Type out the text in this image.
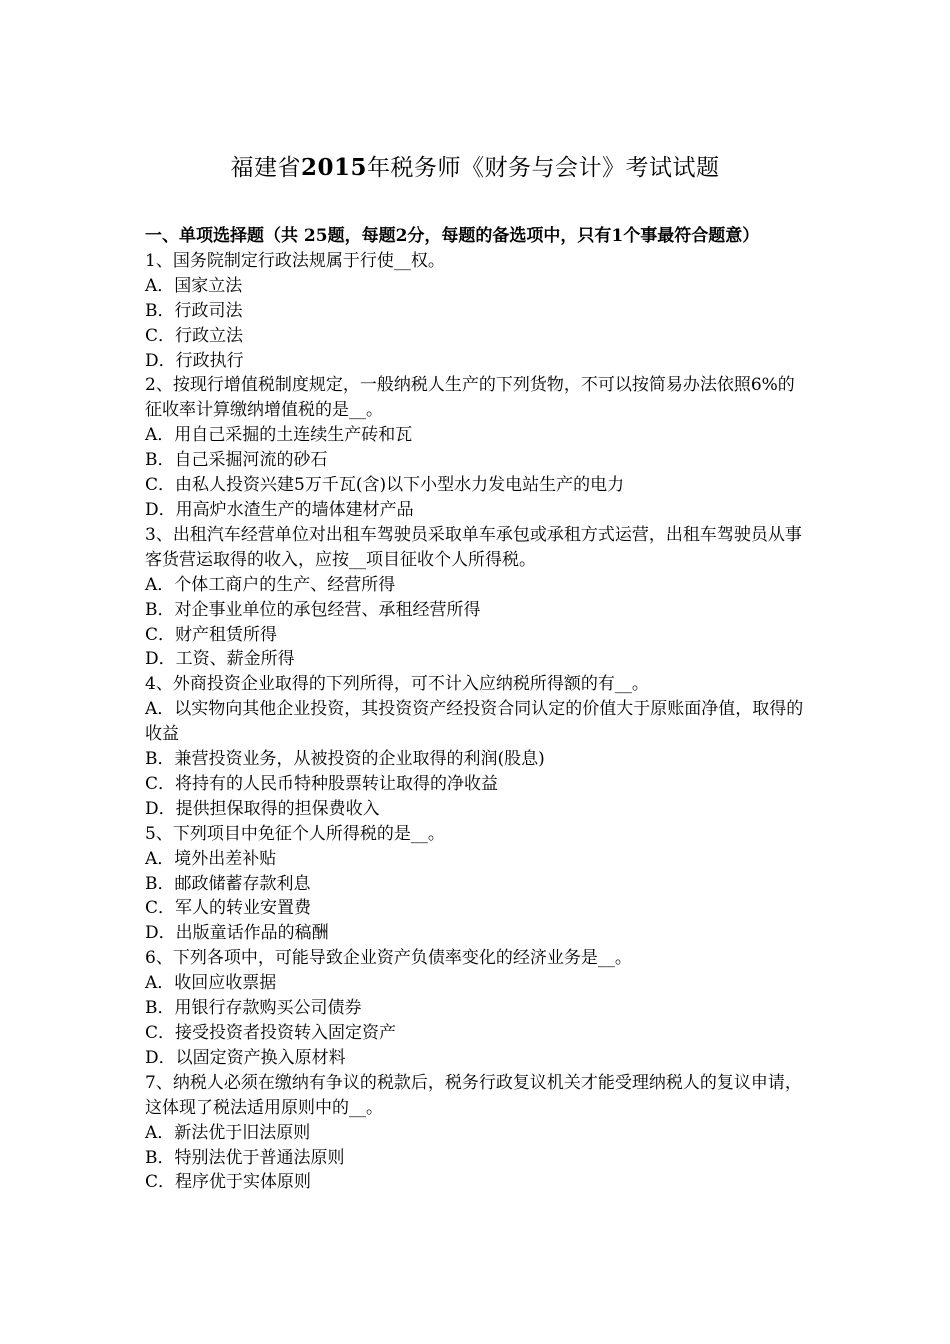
福建省2015年税务师《财务与会计》考试试题

一、单项选择题（共 25题，每题2分，每题的备选项中，只有1个事最符合题意）

1、国务院制定行政法规属于行使__权。

A．国家立法

B．行政司法

C．行政立法

D．行政执行

2、按现行增值税制度规定，一般纳税人生产的下列货物，不可以按简易办法依照6%的征收率计算缴纳增值税的是__。

A．用自己采掘的土连续生产砖和瓦

B．自己采掘河流的砂石

C．由私人投资兴建5万千瓦(含)以下小型水力发电站生产的电力

D．用高炉水渣生产的墙体建材产品

3、出租汽车经营单位对出租车驾驶员采取单车承包或承租方式运营，出租车驾驶员从事客货营运取得的收入，应按__项目征收个人所得税。

A．个体工商户的生产、经营所得

B．对企事业单位的承包经营、承租经营所得

C．财产租赁所得

D．工资、薪金所得

4、外商投资企业取得的下列所得，可不计入应纳税所得额的有__。

A．以实物向其他企业投资，其投资资产经投资合同认定的价值大于原账面净值，取得的收益

B．兼营投资业务，从被投资的企业取得的利润(股息)

C．将持有的人民币特种股票转让取得的净收益

D．提供担保取得的担保费收入

5、下列项目中免征个人所得税的是__。

A．境外出差补贴

B．邮政储蓄存款利息

C．军人的转业安置费

D．出版童话作品的稿酬

6、下列各项中，可能导致企业资产负债率变化的经济业务是__。

A．收回应收票据

B．用银行存款购买公司债券

C．接受投资者投资转入固定资产

D．以固定资产换入原材料

7、纳税人必须在缴纳有争议的税款后，税务行政复议机关才能受理纳税人的复议申请，这体现了税法适用原则中的__。

A．新法优于旧法原则

B．特别法优于普通法原则

C．程序优于实体原则
